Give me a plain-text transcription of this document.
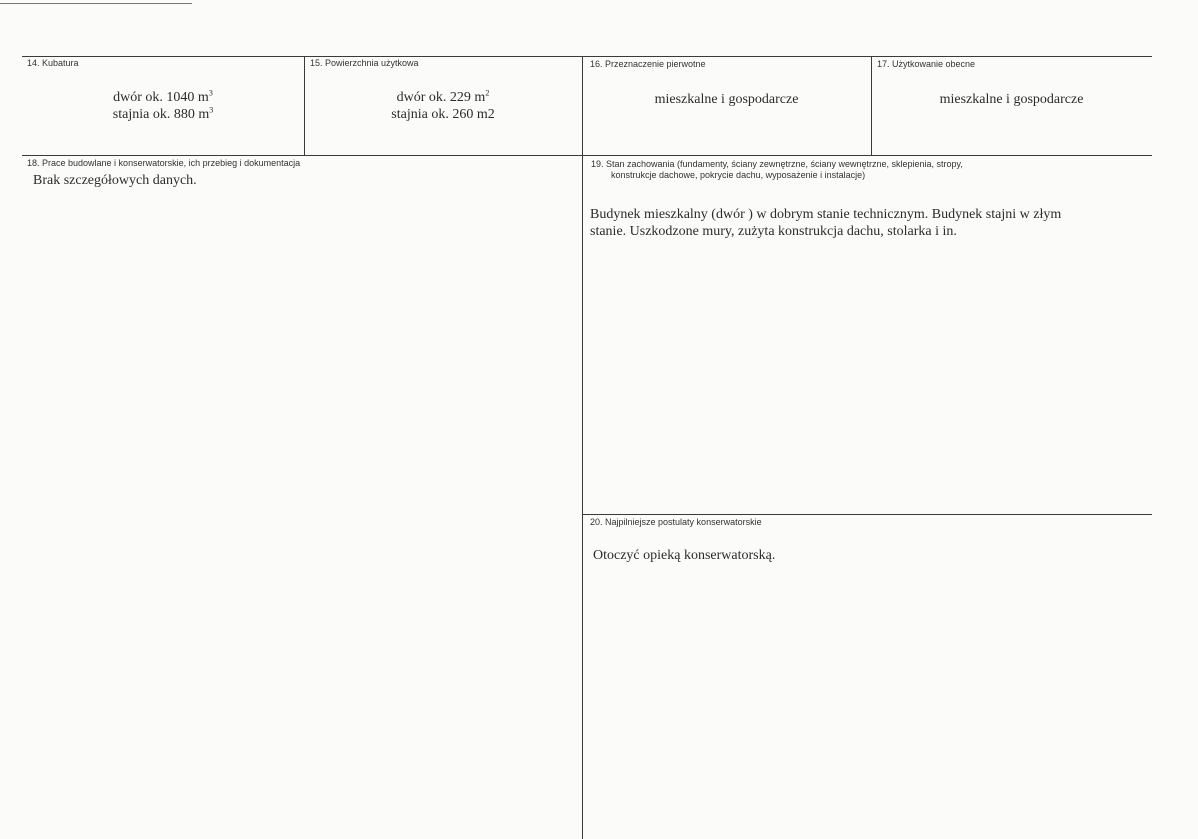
14. Kubatura
dwór ok. 1040 $m^3$
stajnia ok. 880 $m^3$
15. Powierzchnia użytkowa
dwór ok. 229 $m^2$
stajnia ok. 260 m2
16. Przeznaczenie pierwotne
mieszkalne i gospodarcze
17. Użytkowanie obecne
mieszkalne i gospodarcze
18. Prace budowlane i konserwatorskie, ich przebieg i dokumentacja
Brak szczegółowych danych.
19. Stan zachowania (fundamenty, ściany zewnętrzne, ściany wewnętrzne, sklepienia, stropy,
konstrukcje dachowe, pokrycie dachu, wyposażenie i instalacje)
Budynek mieszkalny (dwór ) w dobrym stanie technicznym. Budynek stajni w złym
stanie. Uszkodzone mury, zużyta konstrukcja dachu, stolarka i in.
20. Najpilniejsze postulaty konserwatorskie
Otoczyć opieką konserwatorską.
